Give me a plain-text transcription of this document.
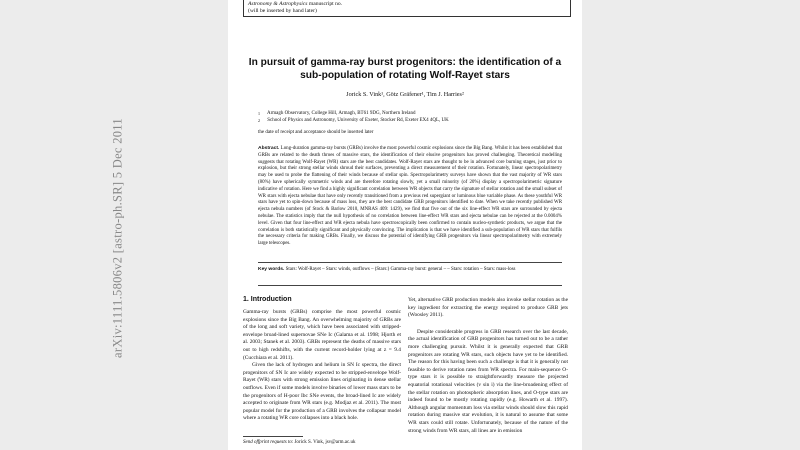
Astronomy & Astrophysics manuscript no.
(will be inserted by hand later)
In pursuit of gamma-ray burst progenitors: the identification of a
sub-population of rotating Wolf-Rayet stars
Jorick S. Vink¹, Götz Gräfener¹, Tim J. Harries²
1 Armagh Observatory, College Hill, Armagh, BT61 9DG, Northern Ireland
2 School of Physics and Astronomy, University of Exeter, Stocker Rd, Exeter EX4 4QL, UK
the date of receipt and acceptance should be inserted later
Abstract. Long-duration gamma-ray bursts (GRBs) involve the most powerful cosmic explosions since the Big Bang. Whilst it has been established that GRBs are related to the death throes of massive stars, the identification of their elusive progenitors has proved challenging. Theoretical modelling suggests that rotating Wolf-Rayet (WR) stars are the best candidates. Wolf-Rayet stars are thought to be in advanced core burning stages, just prior to explosion, but their strong stellar winds shroud their surfaces, preventing a direct measurement of their rotation. Fortunately, linear spectropolarimetry may be used to probe the flattening of their winds because of stellar spin. Spectropolarimetry surveys have shown that the vast majority of WR stars (80%) have spherically symmetric winds and are therefore rotating slowly, yet a small minority (of 20%) display a spectropolarimetric signature indicative of rotation. Here we find a highly significant correlation between WR objects that carry the signature of stellar rotation and the small subset of WR stars with ejecta nebulae that have only recently transitioned from a previous red supergiant or luminous blue variable phase. As these youthful WR stars have yet to spin-down because of mass loss, they are the best candidate GRB progenitors identified to date. When we take recently published WR ejecta nebula numbers (of Stock & Barlow 2010, MNRAS 409: 1429), we find that five out of the six line-effect WR stars are surrounded by ejecta nebulae. The statistics imply that the null hypothesis of no correlation between line-effect WR stars and ejecta nebulae can be rejected at the 0.0004% level. Given that four line-effect and WR ejecta nebula have spectroscopically been confirmed to contain nucleo-synthetic products, we argue that the correlation is both statistically significant and physically convincing. The implication is that we have identified a sub-population of WR stars that fulfils the necessary criteria for making GRBs. Finally, we discuss the potential of identifying GRB progenitors via linear spectropolarimetry with extremely large telescopes.
Key words. Stars: Wolf-Rayet – Stars: winds, outflows – (Stars:) Gamma-ray burst: general – – Stars: rotation – Stars: mass-loss
1. Introduction

Gamma-ray bursts (GRBs) comprise the most powerful cosmic explosions since the Big Bang. An overwhelming majority of GRBs are of the long and soft variety, which have been associated with stripped-envelope broad-lined supernovae SNe Ic (Galama et al. 1998; Hjorth et al. 2003; Stanek et al. 2003). GRBs represent the deaths of massive stars out to high redshifts, with the current record-holder lying at z = 9.4 (Cucchiara et al. 2011).

Given the lack of hydrogen and helium in SN Ic spectra, the direct progenitors of SN Ic are widely expected to be stripped-envelope Wolf-Rayet (WR) stars with strong emission lines originating in dense stellar outflows. Even if some models involve binaries of lower mass stars to be the progenitors of H-poor Ibc SNe events, the broad-lined Ic are widely accepted to originate from WR stars (e.g. Modjaz et al. 2011). The most popular model for the production of a GRB involves the collapsar model where a rotating WR core collapses into a black hole.

Yet, alternative GRB production models also invoke stellar rotation as the key ingredient for extracting the energy required to produce GRB jets (Woosley 2011).

Despite considerable progress in GRB research over the last decade, the actual identification of GRB progenitors has turned out to be a rather more challenging pursuit. Whilst it is generally expected that GRB progenitors are rotating WR stars, such objects have yet to be identified. The reason for this having been such a challenge is that it is generally not feasible to derive rotation rates from WR spectra. For main-sequence O-type stars it is possible to straightforwardly measure the projected equatorial rotational velocities (v sin i) via the line-broadening effect of the stellar rotation on photospheric absorption lines, and O-type stars are indeed found to be mostly rotating rapidly (e.g. Howarth et al. 1997). Although angular momentum loss via stellar winds should slow this rapid rotation during massive star evolution, it is natural to assume that some WR stars could still rotate. Unfortunately, because of the nature of the strong winds from WR stars, all lines are in emission

Send offprint requests to: Jorick S. Vink, jsv@arm.ac.uk
arXiv:1111.5806v2 [astro-ph.SR] 5 Dec 2011
